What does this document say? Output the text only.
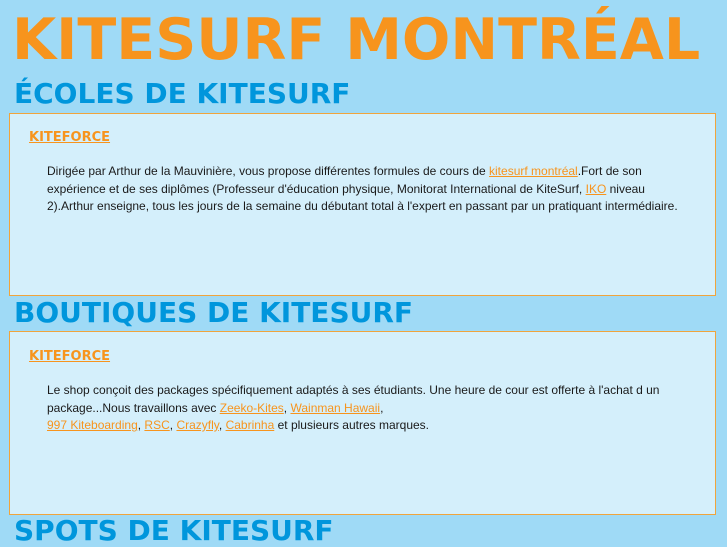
KITESURF MONTRÉAL
ÉCOLES DE KITESURF
KITEFORCE

Dirigée par Arthur de la Mauvinière, vous propose différentes formules de cours de kitesurf montréal.Fort de son expérience et de ses diplômes (Professeur d'éducation physique, Monitorat International de KiteSurf, IKO niveau 2).Arthur enseigne, tous les jours de la semaine du débutant total à l'expert en passant par un pratiquant intermédiaire.

BOUTIQUES DE KITESURF
KITEFORCE

Le shop conçoit des packages spécifiquement adaptés à ses étudiants. Une heure de cour est offerte à l'achat d un package...Nous travaillons avec Zeeko-Kites, Wainman Hawaii,
997 Kiteboarding, RSC, Crazyfly, Cabrinha et plusieurs autres marques.

SPOTS DE KITESURF
